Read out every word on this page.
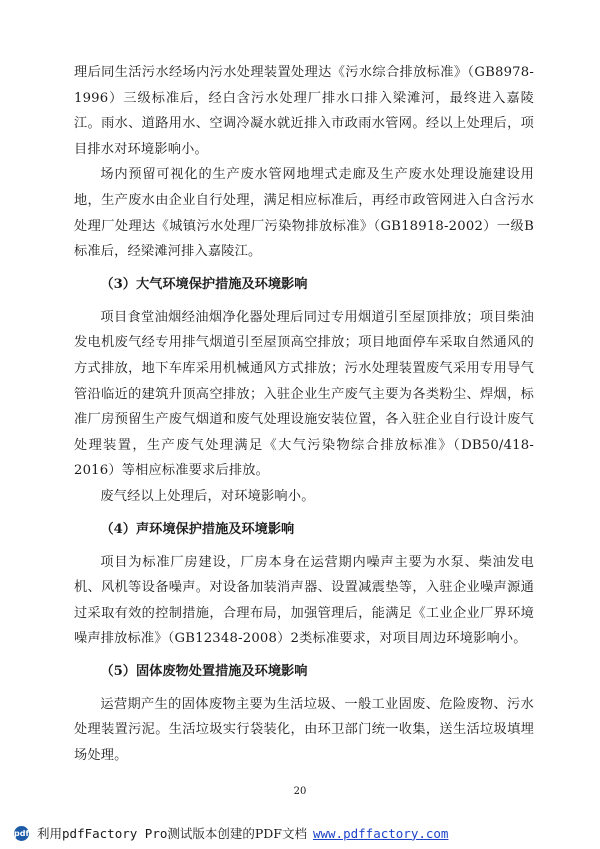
理后同生活污水经场内污水处理装置处理达《污水综合排放标准》（GB8978-1996）三级标准后，经白含污水处理厂排水口排入梁滩河，最终进入嘉陵江。雨水、道路用水、空调冷凝水就近排入市政雨水管网。经以上处理后，项目排水对环境影响小。

场内预留可视化的生产废水管网地埋式走廊及生产废水处理设施建设用地，生产废水由企业自行处理，满足相应标准后，再经市政管网进入白含污水处理厂处理达《城镇污水处理厂污染物排放标准》（GB18918-2002）一级B标准后，经梁滩河排入嘉陵江。

（3）大气环境保护措施及环境影响

项目食堂油烟经油烟净化器处理后同过专用烟道引至屋顶排放；项目柴油发电机废气经专用排气烟道引至屋顶高空排放；项目地面停车采取自然通风的方式排放，地下车库采用机械通风方式排放；污水处理装置废气采用专用导气管沿临近的建筑升顶高空排放；入驻企业生产废气主要为各类粉尘、焊烟，标准厂房预留生产废气烟道和废气处理设施安装位置，各入驻企业自行设计废气处理装置，生产废气处理满足《大气污染物综合排放标准》（DB50/418-2016）等相应标准要求后排放。

废气经以上处理后，对环境影响小。

（4）声环境保护措施及环境影响

项目为标准厂房建设，厂房本身在运营期内噪声主要为水泵、柴油发电机、风机等设备噪声。对设备加装消声器、设置减震垫等，入驻企业噪声源通过采取有效的控制措施，合理布局，加强管理后，能满足《工业企业厂界环境噪声排放标准》（GB12348-2008）2类标准要求，对项目周边环境影响小。

（5）固体废物处置措施及环境影响

运营期产生的固体废物主要为生活垃圾、一般工业固废、危险废物、污水处理装置污泥。生活垃圾实行袋装化，由环卫部门统一收集，送生活垃圾填埋场处理。

20
pdf 利用 pdfFactory Pro 测试版本创建的PDF文档 www.pdffactory.com
